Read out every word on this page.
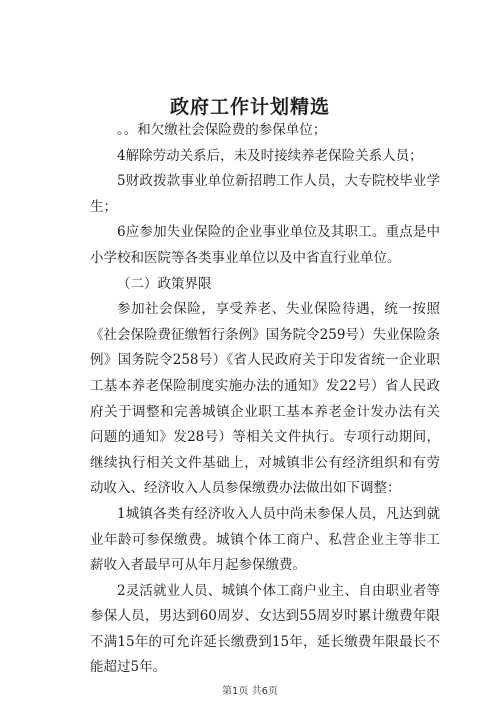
政府工作计划精选

。。和欠缴社会保险费的参保单位；

4解除劳动关系后，未及时接续养老保险关系人员；

5财政拨款事业单位新招聘工作人员，大专院校毕业学生；

6应参加失业保险的企业事业单位及其职工。重点是中小学校和医院等各类事业单位以及中省直行业单位。

（二）政策界限

参加社会保险，享受养老、失业保险待遇，统一按照《社会保险费征缴暂行条例》国务院令259号）失业保险条例》国务院令258号）《省人民政府关于印发省统一企业职工基本养老保险制度实施办法的通知》发22号）省人民政府关于调整和完善城镇企业职工基本养老金计发办法有关问题的通知》发28号）等相关文件执行。专项行动期间，继续执行相关文件基础上，对城镇非公有经济组织和有劳动收入、经济收入人员参保缴费办法做出如下调整：

1城镇各类有经济收入人员中尚未参保人员，凡达到就业年龄可参保缴费。城镇个体工商户、私营企业主等非工薪收入者最早可从年月起参保缴费。

2灵活就业人员、城镇个体工商户业主、自由职业者等参保人员，男达到60周岁、女达到55周岁时累计缴费年限不满15年的可允许延长缴费到15年，延长缴费年限最长不能超过5年。

第1页 共6页
